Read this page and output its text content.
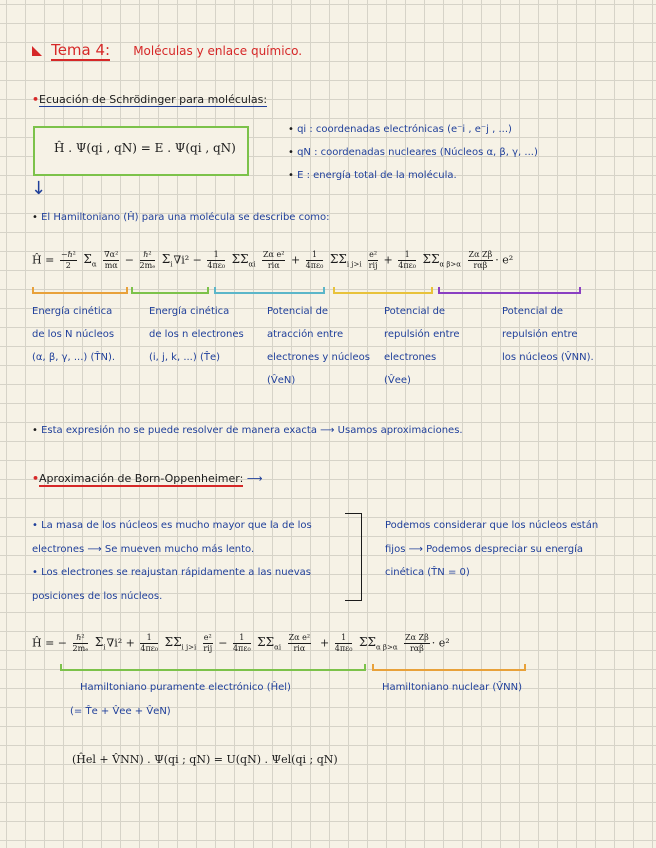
Tema 4: Moléculas y enlace químico.
•Ecuación de Schrödinger para moléculas:
Ĥ . Ψ(qi , qN) = E . Ψ(qi , qN)
• qi : coordenadas electrónicas (e⁻i , e⁻j , ...)
• qN : coordenadas nucleares (Núcleos α, β, γ, ...)
• E : energía total de la molécula.
↓
• El Hamiltoniano (Ĥ) para una molécula se describe como:
Ĥ = $\frac{\text{−ℏ²}}{2} \Sigma_\alpha \frac{\text{∇α²}}{m\alpha} - \frac{\text{ℏ²}}{\text{2mₑ}} \Sigma_i\nabla i^2 - \frac{1}{\text{4πε₀}} \Sigma\Sigma_{\alpha i} \frac{\text{Zα e²}}{\text{riα}} + \frac{1}{\text{4πε₀}} \Sigma\Sigma_{i j>i} \frac{\text{e²}}{\text{rij}} + \frac{1}{\text{4πε₀}} \Sigma\Sigma_{\alpha \beta>\alpha} \frac{\text{Zα Zβ}}{\text{rαβ}} \cdot e^2$
Energía cinética
de los N núcleos
(α, β, γ, ...) (T̂N).
Energía cinética
de los n electrones
(i, j, k, ...) (T̂e)
Potencial de
atracción entre
electrones y núcleos
(V̂eN)
Potencial de
repulsión entre
electrones
(V̂ee)
Potencial de
repulsión entre
los núcleos (V̂NN).
• Esta expresión no se puede resolver de manera exacta ⟶ Usamos aproximaciones.
•Aproximación de Born-Oppenheimer: ⟶
• La masa de los núcleos es mucho mayor que la de los
electrones ⟶ Se mueven mucho más lento.
• Los electrones se reajustan rápidamente a las nuevas
posiciones de los núcleos.
Podemos considerar que los núcleos están
fijos ⟶ Podemos despreciar su energía
cinética (T̂N = 0)
Ĥ = − $\frac{\text{ℏ²}}{\text{2mₑ}} \Sigma_i\nabla i^2 + \frac{1}{\text{4πε₀}} \Sigma\Sigma_{i j>i} \frac{\text{e²}}{\text{rij}} - \frac{1}{\text{4πε₀}} \Sigma\Sigma_{\alpha i} \frac{\text{Zα e²}}{\text{riα}} + \frac{1}{\text{4πε₀}} \Sigma\Sigma_{\alpha \beta>\alpha} \frac{\text{Zα Zβ}}{\text{rαβ}} \cdot e^2$
Hamiltoniano puramente electrónico (Ĥel)
(= T̂e + V̂ee + V̂eN)
Hamiltoniano nuclear (V̂NN)
(Ĥel + V̂NN) . Ψ(qi ; qN) = U(qN) . Ψel(qi ; qN)
